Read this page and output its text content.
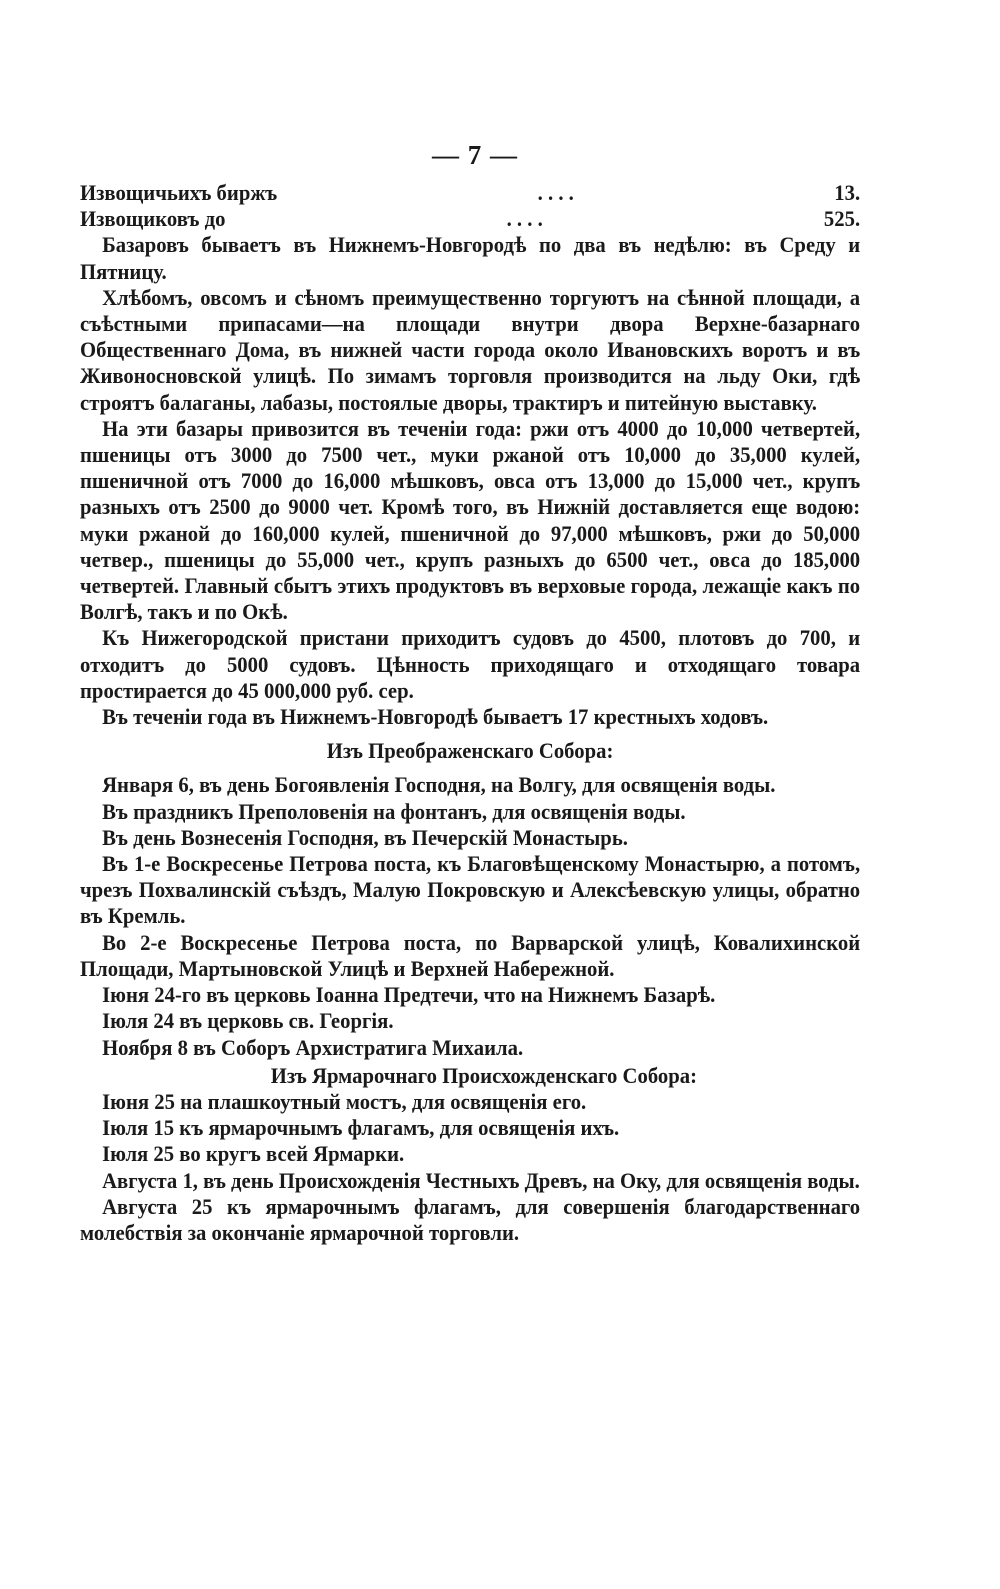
— 7 —
Извощичьихъ биржъ	. . . .	13.
Извощиковъ до	. . . .	525.

Базаровъ бываетъ въ Нижнемъ-Новгородѣ по два въ недѣлю: въ Среду и Пятницу.

Хлѣбомъ, овсомъ и сѣномъ преимущественно торгуютъ на сѣнной площади, а съѣстными припасами—на площади внутри двора Верхне-базарнаго Общественнаго Дома, въ нижней части города около Ивановскихъ воротъ и въ Живоносновской улицѣ. По зимамъ торговля производится на льду Оки, гдѣ строятъ балаганы, лабазы, постоялые дворы, трактиръ и питейную выставку.

На эти базары привозится въ теченіи года: ржи отъ 4000 до 10,000 четвертей, пшеницы отъ 3000 до 7500 чет., муки ржаной отъ 10,000 до 35,000 кулей, пшеничной отъ 7000 до 16,000 мѣшковъ, овса отъ 13,000 до 15,000 чет., крупъ разныхъ отъ 2500 до 9000 чет. Кромѣ того, въ Нижній доставляется еще водою: муки ржаной до 160,000 кулей, пшеничной до 97,000 мѣшковъ, ржи до 50,000 четвер., пшеницы до 55,000 чет., крупъ разныхъ до 6500 чет., овса до 185,000 четвертей. Главный сбытъ этихъ продуктовъ въ верховые города, лежащіе какъ по Волгѣ, такъ и по Окѣ.

Къ Нижегородской пристани приходитъ судовъ до 4500, плотовъ до 700, и отходитъ до 5000 судовъ. Цѣнность приходящаго и отходящаго товара простирается до 45 000,000 руб. сер.

Въ теченіи года въ Нижнемъ-Новгородѣ бываетъ 17 крестныхъ ходовъ.

Изъ Преображенскаго Собора:

Января 6, въ день Богоявленія Господня, на Волгу, для освященія воды.

Въ праздникъ Преполовенія на фонтанъ, для освященія воды.

Въ день Вознесенія Господня, въ Печерскій Монастырь.

Въ 1-е Воскресенье Петрова поста, къ Благовѣщенскому Монастырю, а потомъ, чрезъ Похвалинскій съѣздъ, Малую Покровскую и Алексѣевскую улицы, обратно въ Кремль.

Во 2-е Воскресенье Петрова поста, по Варварской улицѣ, Ковалихинской Площади, Мартыновской Улицѣ и Верхней Набережной.

Іюня 24-го въ церковь Іоанна Предтечи, что на Нижнемъ Базарѣ.

Іюля 24 въ церковь св. Георгія.

Ноября 8 въ Соборъ Архистратига Михаила.

Изъ Ярмарочнаго Происхожденскаго Собора:

Іюня 25 на плашкоутный мостъ, для освященія его.

Іюля 15 къ ярмарочнымъ флагамъ, для освященія ихъ.

Іюля 25 во кругъ всей Ярмарки.

Августа 1, въ день Происхожденія Честныхъ Древъ, на Оку, для освященія воды.

Августа 25 къ ярмарочнымъ флагамъ, для совершенія благодарственнаго молебствія за окончаніе ярмарочной торговли.
